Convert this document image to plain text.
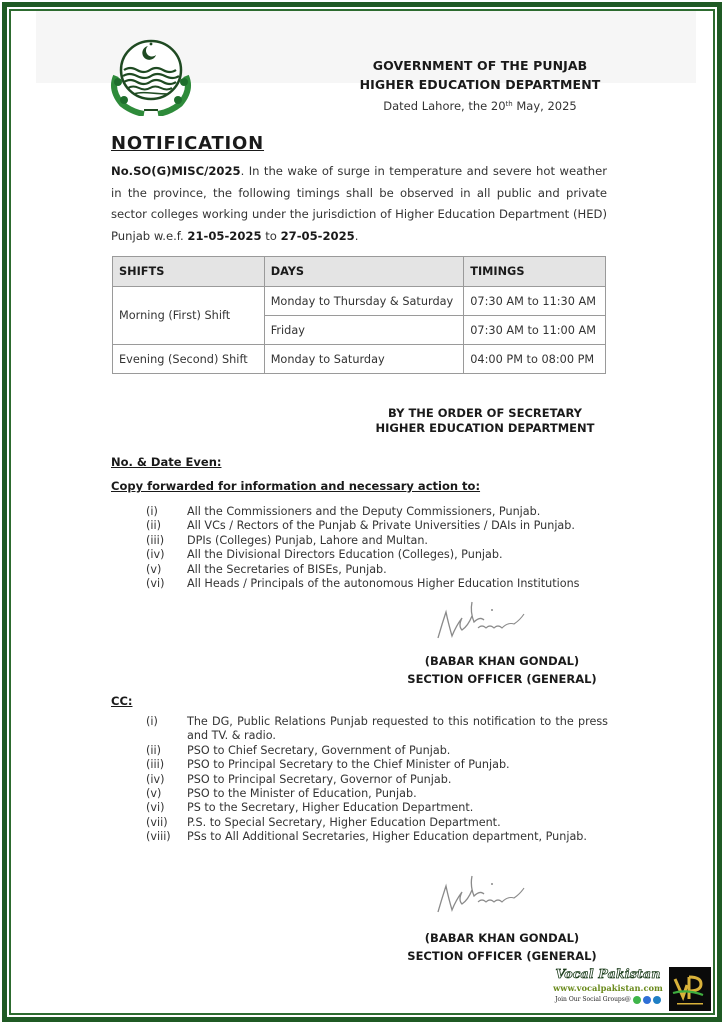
GOVERNMENT OF THE PUNJAB
HIGHER EDUCATION DEPARTMENT
Dated Lahore, the 20th May, 2025
NOTIFICATION
No.SO(G)MISC/2025. In the wake of surge in temperature and severe hot weather in the province, the following timings shall be observed in all public and private sector colleges working under the jurisdiction of Higher Education Department (HED) Punjab w.e.f. 21-05-2025 to 27-05-2025.
SHIFTS	DAYS	TIMINGS
Morning (First) Shift	Monday to Thursday & Saturday	07:30 AM to 11:30 AM
	Friday	07:30 AM to 11:00 AM
Evening (Second) Shift	Monday to Saturday	04:00 PM to 08:00 PM
BY THE ORDER OF SECRETARY
HIGHER EDUCATION DEPARTMENT
No. & Date Even:
Copy forwarded for information and necessary action to:
(i)	All the Commissioners and the Deputy Commissioners, Punjab.
(ii)	All VCs / Rectors of the Punjab & Private Universities / DAIs in Punjab.
(iii)	DPIs (Colleges) Punjab, Lahore and Multan.
(iv)	All the Divisional Directors Education (Colleges), Punjab.
(v)	All the Secretaries of BISEs, Punjab.
(vi)	All Heads / Principals of the autonomous Higher Education Institutions
(BABAR KHAN GONDAL)
SECTION OFFICER (GENERAL)
CC:
(i)	The DG, Public Relations Punjab requested to this notification to the press and TV. & radio.
(ii)	PSO to Chief Secretary, Government of Punjab.
(iii)	PSO to Principal Secretary to the Chief Minister of Punjab.
(iv)	PSO to Principal Secretary, Governor of Punjab.
(v)	PSO to the Minister of Education, Punjab.
(vi)	PS to the Secretary, Higher Education Department.
(vii)	P.S. to Special Secretary, Higher Education Department.
(viii)	PSs to All Additional Secretaries, Higher Education department, Punjab.
(BABAR KHAN GONDAL)
SECTION OFFICER (GENERAL)
Vocal Pakistan
www.vocalpakistan.com
Join Our Social Groups@
